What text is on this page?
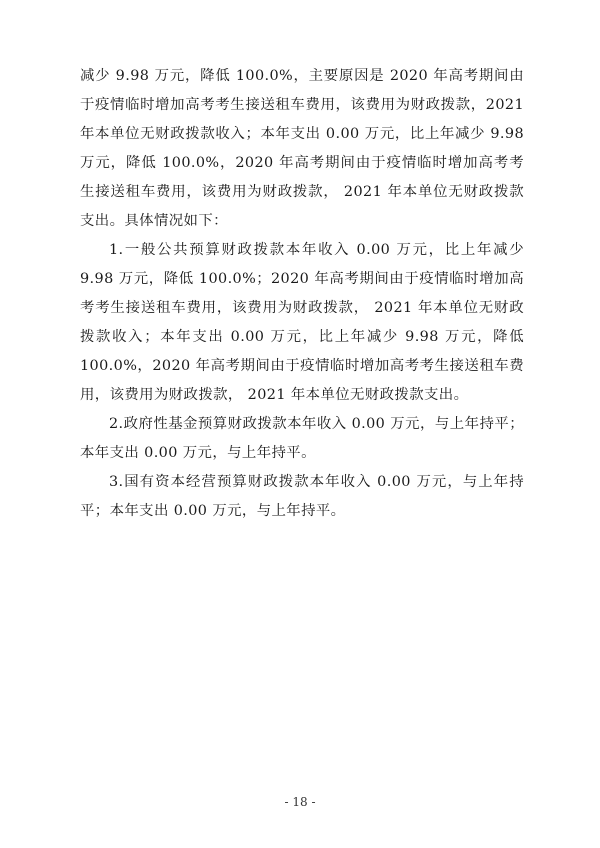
减少 9.98 万元，降低 100.0%，主要原因是 2020 年高考期间由于疫情临时增加高考考生接送租车费用，该费用为财政拨款，2021 年本单位无财政拨款收入；本年支出 0.00 万元，比上年减少 9.98 万元，降低 100.0%，2020 年高考期间由于疫情临时增加高考考生接送租车费用，该费用为财政拨款， 2021 年本单位无财政拨款支出。具体情况如下：

1.一般公共预算财政拨款本年收入 0.00 万元，比上年减少 9.98 万元，降低 100.0%；2020 年高考期间由于疫情临时增加高考考生接送租车费用，该费用为财政拨款， 2021 年本单位无财政拨款收入；本年支出 0.00 万元，比上年减少 9.98 万元，降低 100.0%，2020 年高考期间由于疫情临时增加高考考生接送租车费用，该费用为财政拨款， 2021 年本单位无财政拨款支出。

2.政府性基金预算财政拨款本年收入 0.00 万元，与上年持平；本年支出 0.00 万元，与上年持平。

3.国有资本经营预算财政拨款本年收入 0.00 万元，与上年持平；本年支出 0.00 万元，与上年持平。

- 18 -
